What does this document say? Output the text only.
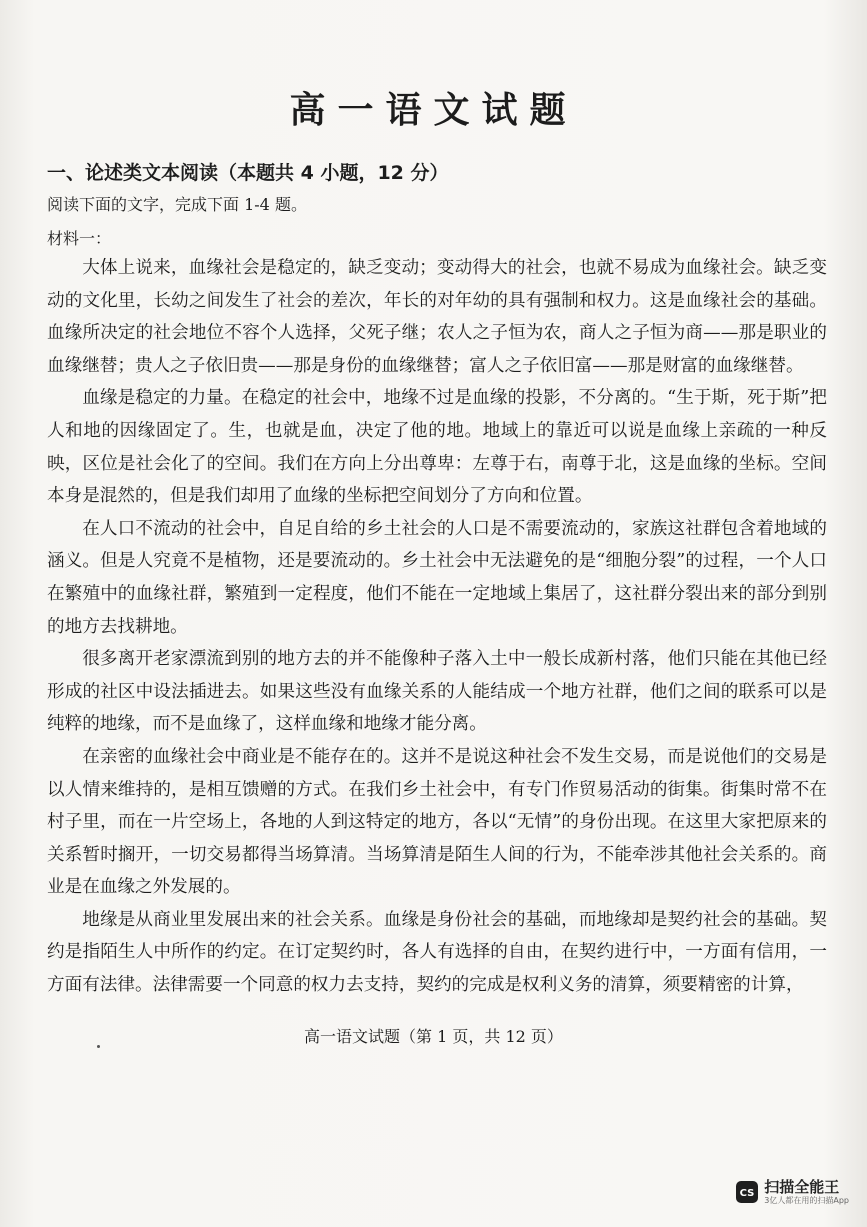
高一语文试题
一、论述类文本阅读（本题共 4 小题，12 分）
阅读下面的文字，完成下面 1-4 题。
材料一：

大体上说来，血缘社会是稳定的，缺乏变动；变动得大的社会，也就不易成为血缘社会。缺乏变动的文化里，长幼之间发生了社会的差次，年长的对年幼的具有强制和权力。这是血缘社会的基础。血缘所决定的社会地位不容个人选择，父死子继；农人之子恒为农，商人之子恒为商——那是职业的血缘继替；贵人之子依旧贵——那是身份的血缘继替；富人之子依旧富——那是财富的血缘继替。

血缘是稳定的力量。在稳定的社会中，地缘不过是血缘的投影，不分离的。“生于斯，死于斯”把人和地的因缘固定了。生，也就是血，决定了他的地。地域上的靠近可以说是血缘上亲疏的一种反映，区位是社会化了的空间。我们在方向上分出尊卑：左尊于右，南尊于北，这是血缘的坐标。空间本身是混然的，但是我们却用了血缘的坐标把空间划分了方向和位置。

在人口不流动的社会中，自足自给的乡土社会的人口是不需要流动的，家族这社群包含着地域的涵义。但是人究竟不是植物，还是要流动的。乡土社会中无法避免的是“细胞分裂”的过程，一个人口在繁殖中的血缘社群，繁殖到一定程度，他们不能在一定地域上集居了，这社群分裂出来的部分到别的地方去找耕地。

很多离开老家漂流到别的地方去的并不能像种子落入土中一般长成新村落，他们只能在其他已经形成的社区中设法插进去。如果这些没有血缘关系的人能结成一个地方社群，他们之间的联系可以是纯粹的地缘，而不是血缘了，这样血缘和地缘才能分离。

在亲密的血缘社会中商业是不能存在的。这并不是说这种社会不发生交易，而是说他们的交易是以人情来维持的，是相互馈赠的方式。在我们乡土社会中，有专门作贸易活动的街集。街集时常不在村子里，而在一片空场上，各地的人到这特定的地方，各以“无情”的身份出现。在这里大家把原来的关系暂时搁开，一切交易都得当场算清。当场算清是陌生人间的行为，不能牵涉其他社会关系的。商业是在血缘之外发展的。

地缘是从商业里发展出来的社会关系。血缘是身份社会的基础，而地缘却是契约社会的基础。契约是指陌生人中所作的约定。在订定契约时，各人有选择的自由，在契约进行中，一方面有信用，一方面有法律。法律需要一个同意的权力去支持，契约的完成是权利义务的清算，须要精密的计算，

高一语文试题（第 1 页，共 12 页）
CS 扫描全能王
3亿人都在用的扫描App
